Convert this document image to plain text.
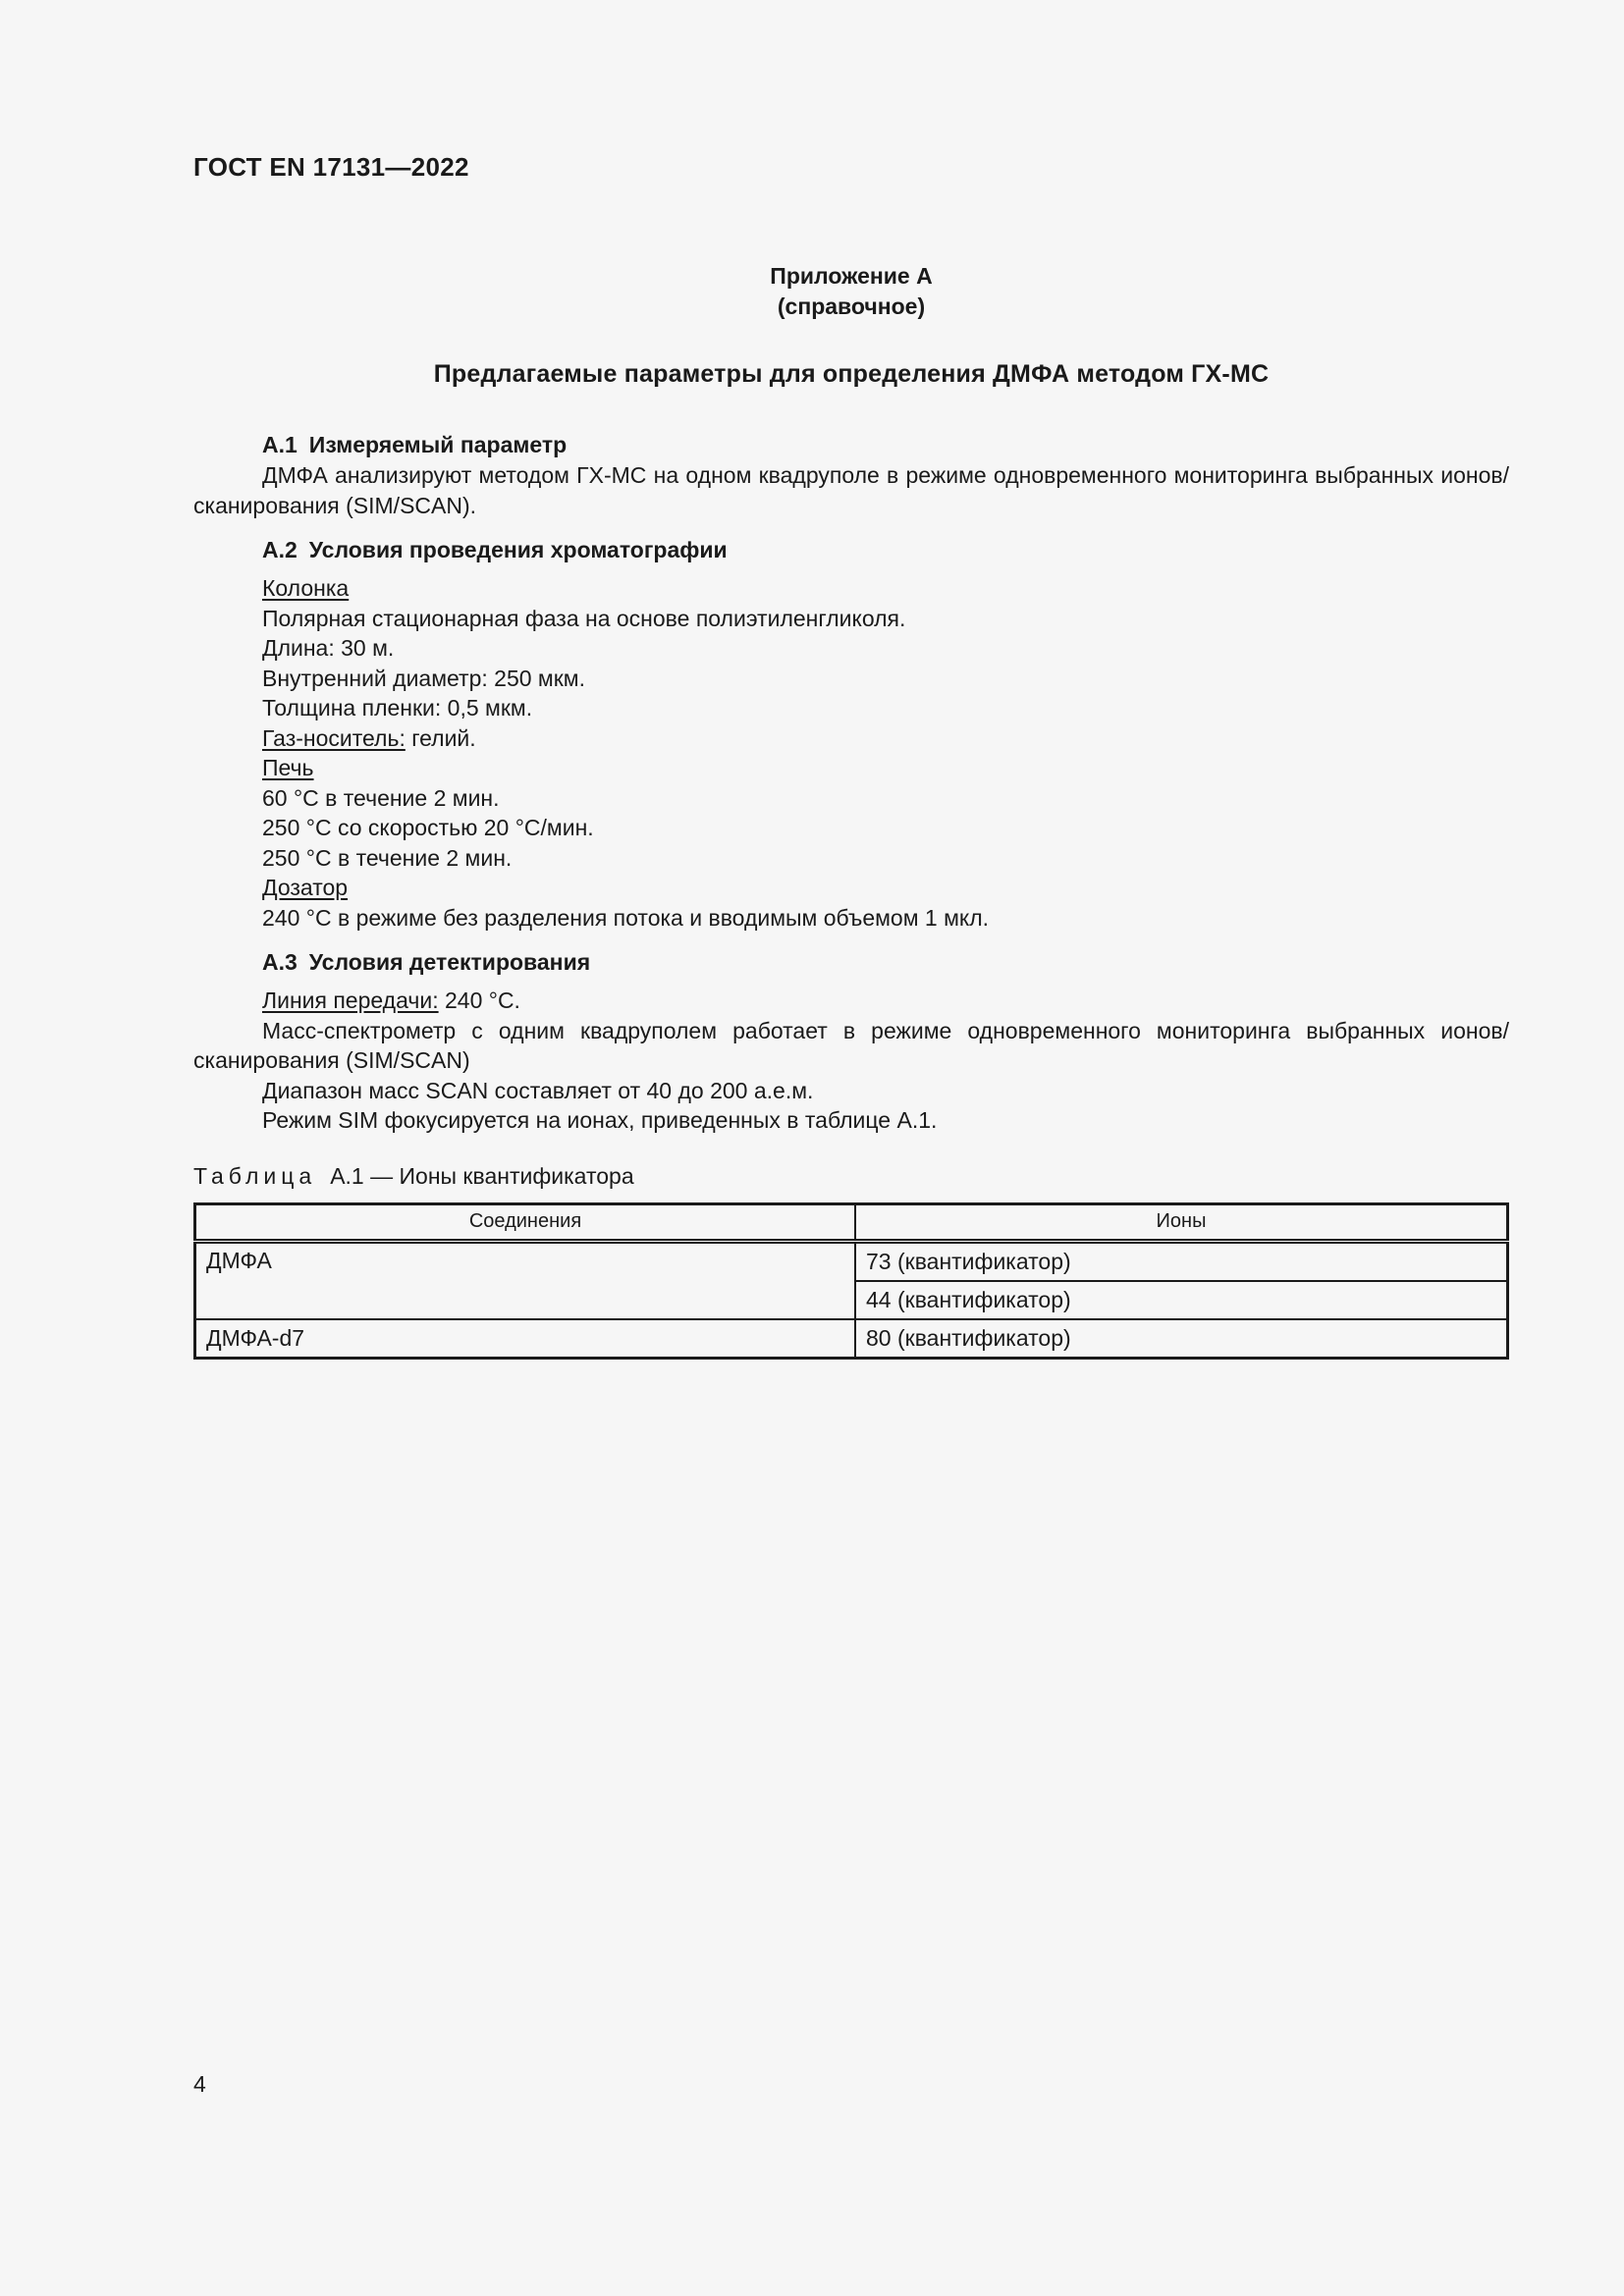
ГОСТ EN 17131—2022
Приложение А
(справочное)
Предлагаемые параметры для определения ДМФА методом ГХ-МС
А.1 Измеряемый параметр
ДМФА анализируют методом ГХ-МС на одном квадруполе в режиме одновременного мониторинга выбранных ионов/сканирования (SIM/SCAN).
А.2 Условия проведения хроматографии
Колонка
Полярная стационарная фаза на основе полиэтиленгликоля.
Длина: 30 м.
Внутренний диаметр: 250 мкм.
Толщина пленки: 0,5 мкм.
Газ-носитель: гелий.
Печь
60 °С в течение 2 мин.
250 °С со скоростью 20 °С/мин.
250 °С в течение 2 мин.
Дозатор
240 °С в режиме без разделения потока и вводимым объемом 1 мкл.
А.3 Условия детектирования
Линия передачи: 240 °С.
Масс-спектрометр с одним квадруполем работает в режиме одновременного мониторинга выбранных ионов/сканирования (SIM/SCAN)
Диапазон масс SCAN составляет от 40 до 200 а.е.м.
Режим SIM фокусируется на ионах, приведенных в таблице А.1.
Таблица А.1 — Ионы квантификатора
Соединения	Ионы
ДМФА	73 (квантификатор)
	44 (квантификатор)
ДМФА-d7	80 (квантификатор)
4
